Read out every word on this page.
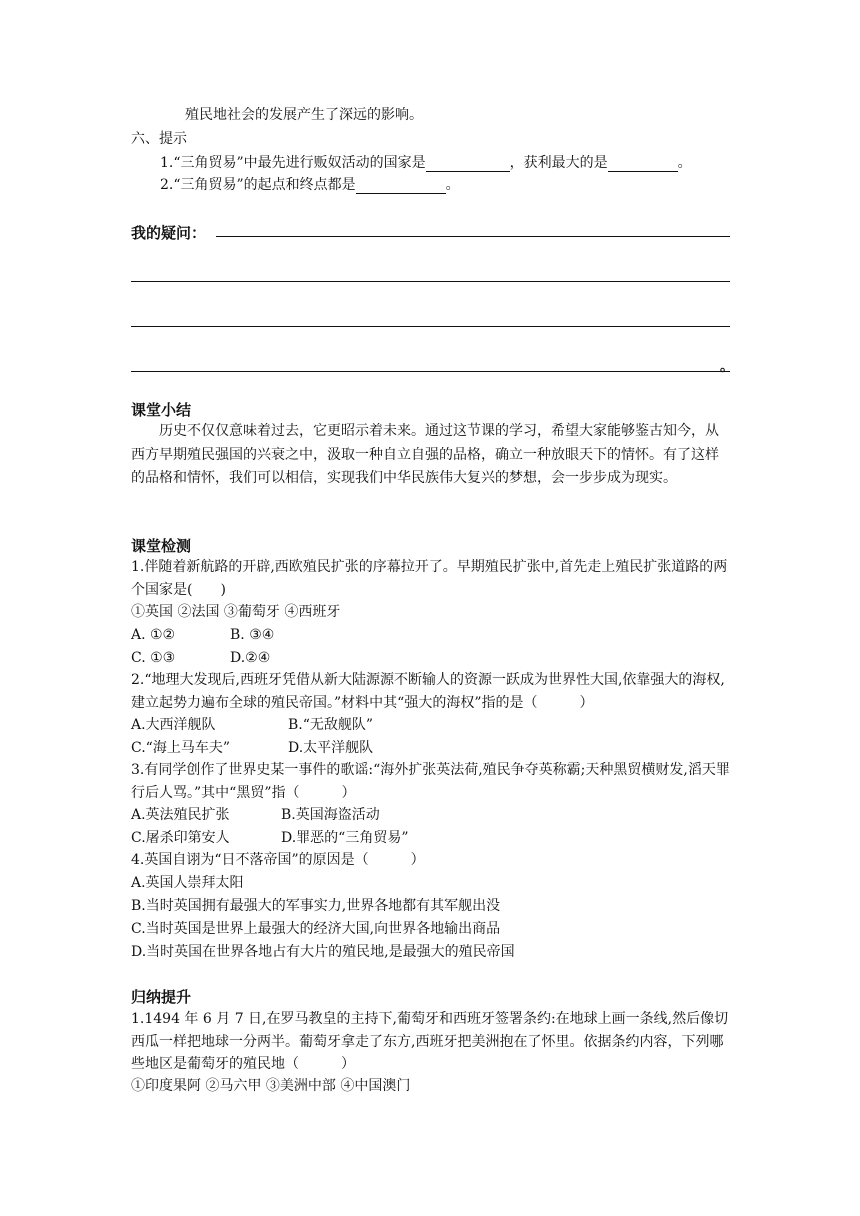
殖民地社会的发展产生了深远的影响。
六、提示
1.“三角贸易”中最先进行贩奴活动的国家是	，获利最大的是	。
2.“三角贸易”的起点和终点都是	。
我的疑问：
。
课堂小结
历史不仅仅意味着过去，它更昭示着未来。通过这节课的学习，希望大家能够鉴古知今，从西方早期殖民强国的兴衰之中，汲取一种自立自强的品格，确立一种放眼天下的情怀。有了这样的品格和情怀，我们可以相信，实现我们中华民族伟大复兴的梦想，会一步步成为现实。
课堂检测
1.伴随着新航路的开辟,西欧殖民扩张的序幕拉开了。早期殖民扩张中,首先走上殖民扩张道路的两个国家是(　　)
①英国 ②法国 ③葡萄牙 ④西班牙
A. ①②	B. ③④
C. ①③	D.②④
2.“地理大发现后,西班牙凭借从新大陆源源不断输人的资源一跃成为世界性大国,依靠强大的海权,建立起势力遍布全球的殖民帝国。”材料中其“强大的海权”指的是（　　　）
A.大西洋舰队	B.“无敌舰队”
C.“海上马车夫”	D.太平洋舰队
3.有同学创作了世界史某一事件的歌谣:“海外扩张英法荷,殖民争夺英称霸;天种黑贸横财发,滔天罪行后人骂。”其中“黑贸”指（　　　）
A.英法殖民扩张	B.英国海盗活动
C.屠杀印第安人	D.罪恶的“三角贸易”
4.英国自诩为“日不落帝国”的原因是（　　　）
A.英国人崇拜太阳
B.当时英国拥有最强大的军事实力,世界各地都有其军舰出没
C.当时英国是世界上最强大的经济大国,向世界各地输出商品
D.当时英国在世界各地占有大片的殖民地,是最强大的殖民帝国
归纳提升
1.1494 年 6 月 7 日,在罗马教皇的主持下,葡萄牙和西班牙签署条约:在地球上画一条线,然后像切西瓜一样把地球一分两半。葡萄牙拿走了东方,西班牙把美洲抱在了怀里。依据条约内容，下列哪些地区是葡萄牙的殖民地（　　　）
①印度果阿 ②马六甲 ③美洲中部 ④中国澳门
